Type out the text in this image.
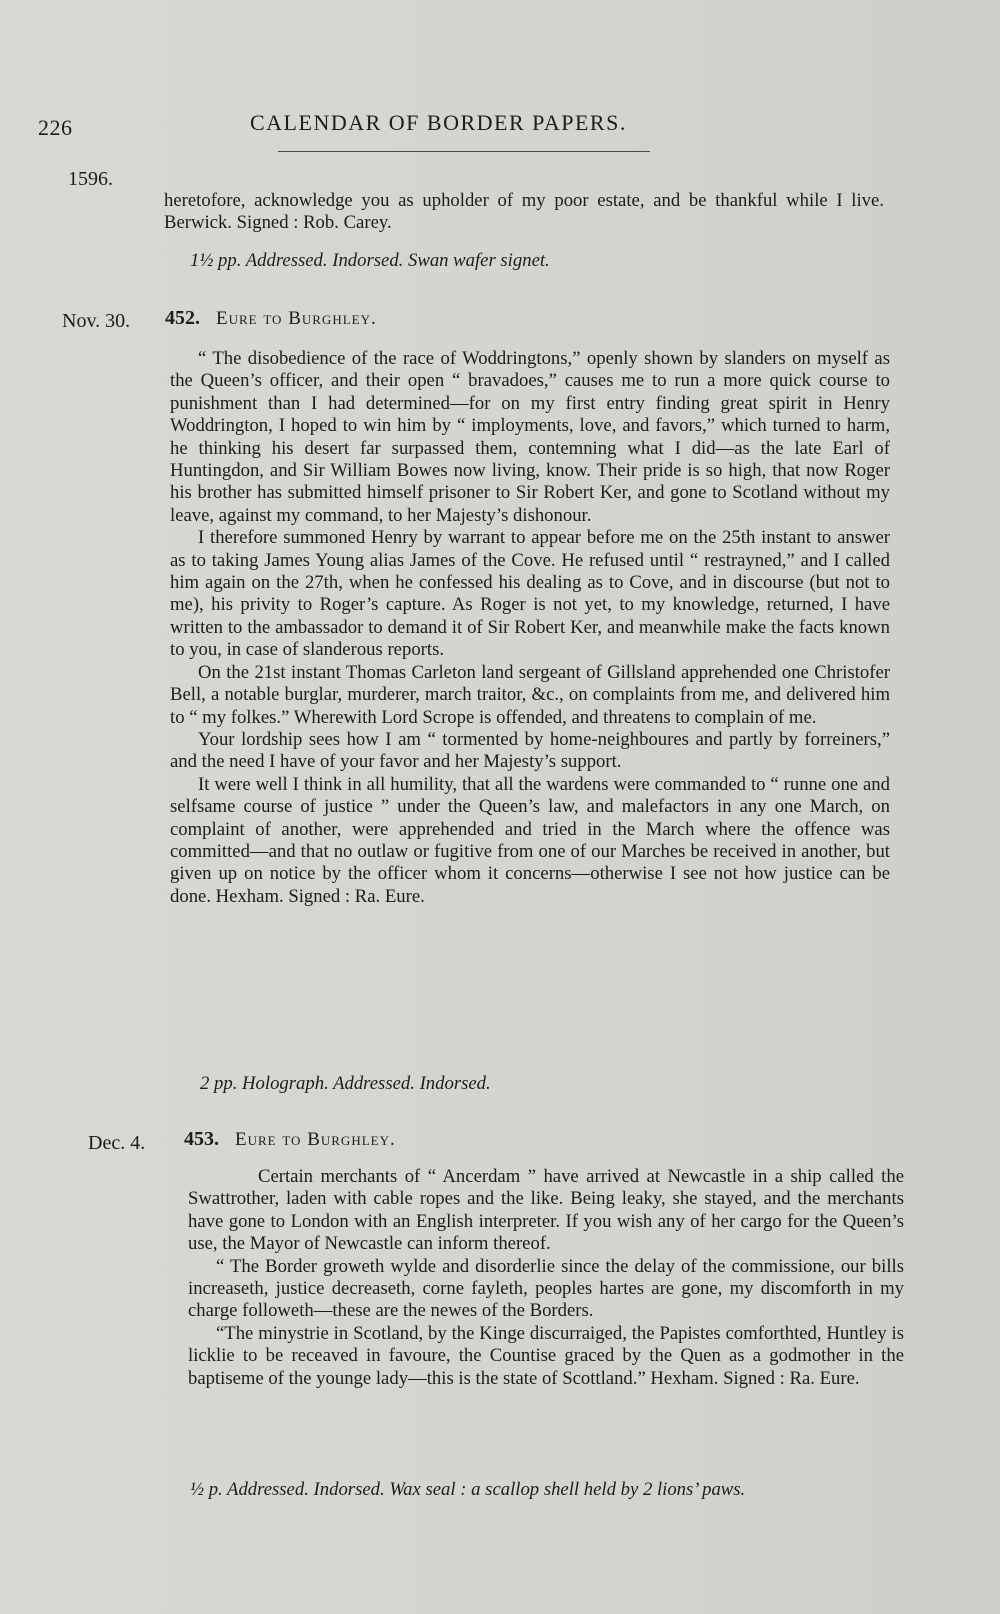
226	CALENDAR OF BORDER PAPERS.
1596.

heretofore, acknowledge you as upholder of my poor estate, and be thankful while I live. Berwick. Signed : Rob. Carey.

1½ pp. Addressed. Indorsed. Swan wafer signet.
Nov. 30. 452. Eure to Burghley.

“ The disobedience of the race of Woddringtons,” openly shown by slanders on myself as the Queen’s officer, and their open “ bravadoes,” causes me to run a more quick course to punishment than I had determined—for on my first entry finding great spirit in Henry Woddrington, I hoped to win him by “ imployments, love, and favors,” which turned to harm, he thinking his desert far surpassed them, contemning what I did—as the late Earl of Huntingdon, and Sir William Bowes now living, know. Their pride is so high, that now Roger his brother has submitted himself prisoner to Sir Robert Ker, and gone to Scotland without my leave, against my command, to her Majesty’s dishonour.

I therefore summoned Henry by warrant to appear before me on the 25th instant to answer as to taking James Young alias James of the Cove. He refused until “ restrayned,” and I called him again on the 27th, when he confessed his dealing as to Cove, and in discourse (but not to me), his privity to Roger’s capture. As Roger is not yet, to my knowledge, returned, I have written to the ambassador to demand it of Sir Robert Ker, and meanwhile make the facts known to you, in case of slanderous reports.

On the 21st instant Thomas Carleton land sergeant of Gillsland apprehended one Christofer Bell, a notable burglar, murderer, march traitor, &c., on complaints from me, and delivered him to “ my folkes.” Wherewith Lord Scrope is offended, and threatens to complain of me.

Your lordship sees how I am “ tormented by home-neighboures and partly by forreiners,” and the need I have of your favor and her Majesty’s support.

It were well I think in all humility, that all the wardens were commanded to “ runne one and selfsame course of justice ” under the Queen’s law, and malefactors in any one March, on complaint of another, were apprehended and tried in the March where the offence was committed—and that no outlaw or fugitive from one of our Marches be received in another, but given up on notice by the officer whom it concerns—otherwise I see not how justice can be done. Hexham. Signed : Ra. Eure.

2 pp. Holograph. Addressed. Indorsed.
Dec. 4. 453. Eure to Burghley.

Certain merchants of “ Ancerdam ” have arrived at Newcastle in a ship called the Swattrother, laden with cable ropes and the like. Being leaky, she stayed, and the merchants have gone to London with an English interpreter. If you wish any of her cargo for the Queen’s use, the Mayor of Newcastle can inform thereof.

“ The Border groweth wylde and disorderlie since the delay of the commissione, our bills increaseth, justice decreaseth, corne fayleth, peoples hartes are gone, my discomforth in my charge followeth—these are the newes of the Borders.

“The minystrie in Scotland, by the Kinge discurraiged, the Papistes comforthted, Huntley is licklie to be receaved in favoure, the Countise graced by the Quen as a godmother in the baptiseme of the younge lady—this is the state of Scottland.” Hexham. Signed : Ra. Eure.

½ p. Addressed. Indorsed. Wax seal : a scallop shell held by 2 lions’ paws.
